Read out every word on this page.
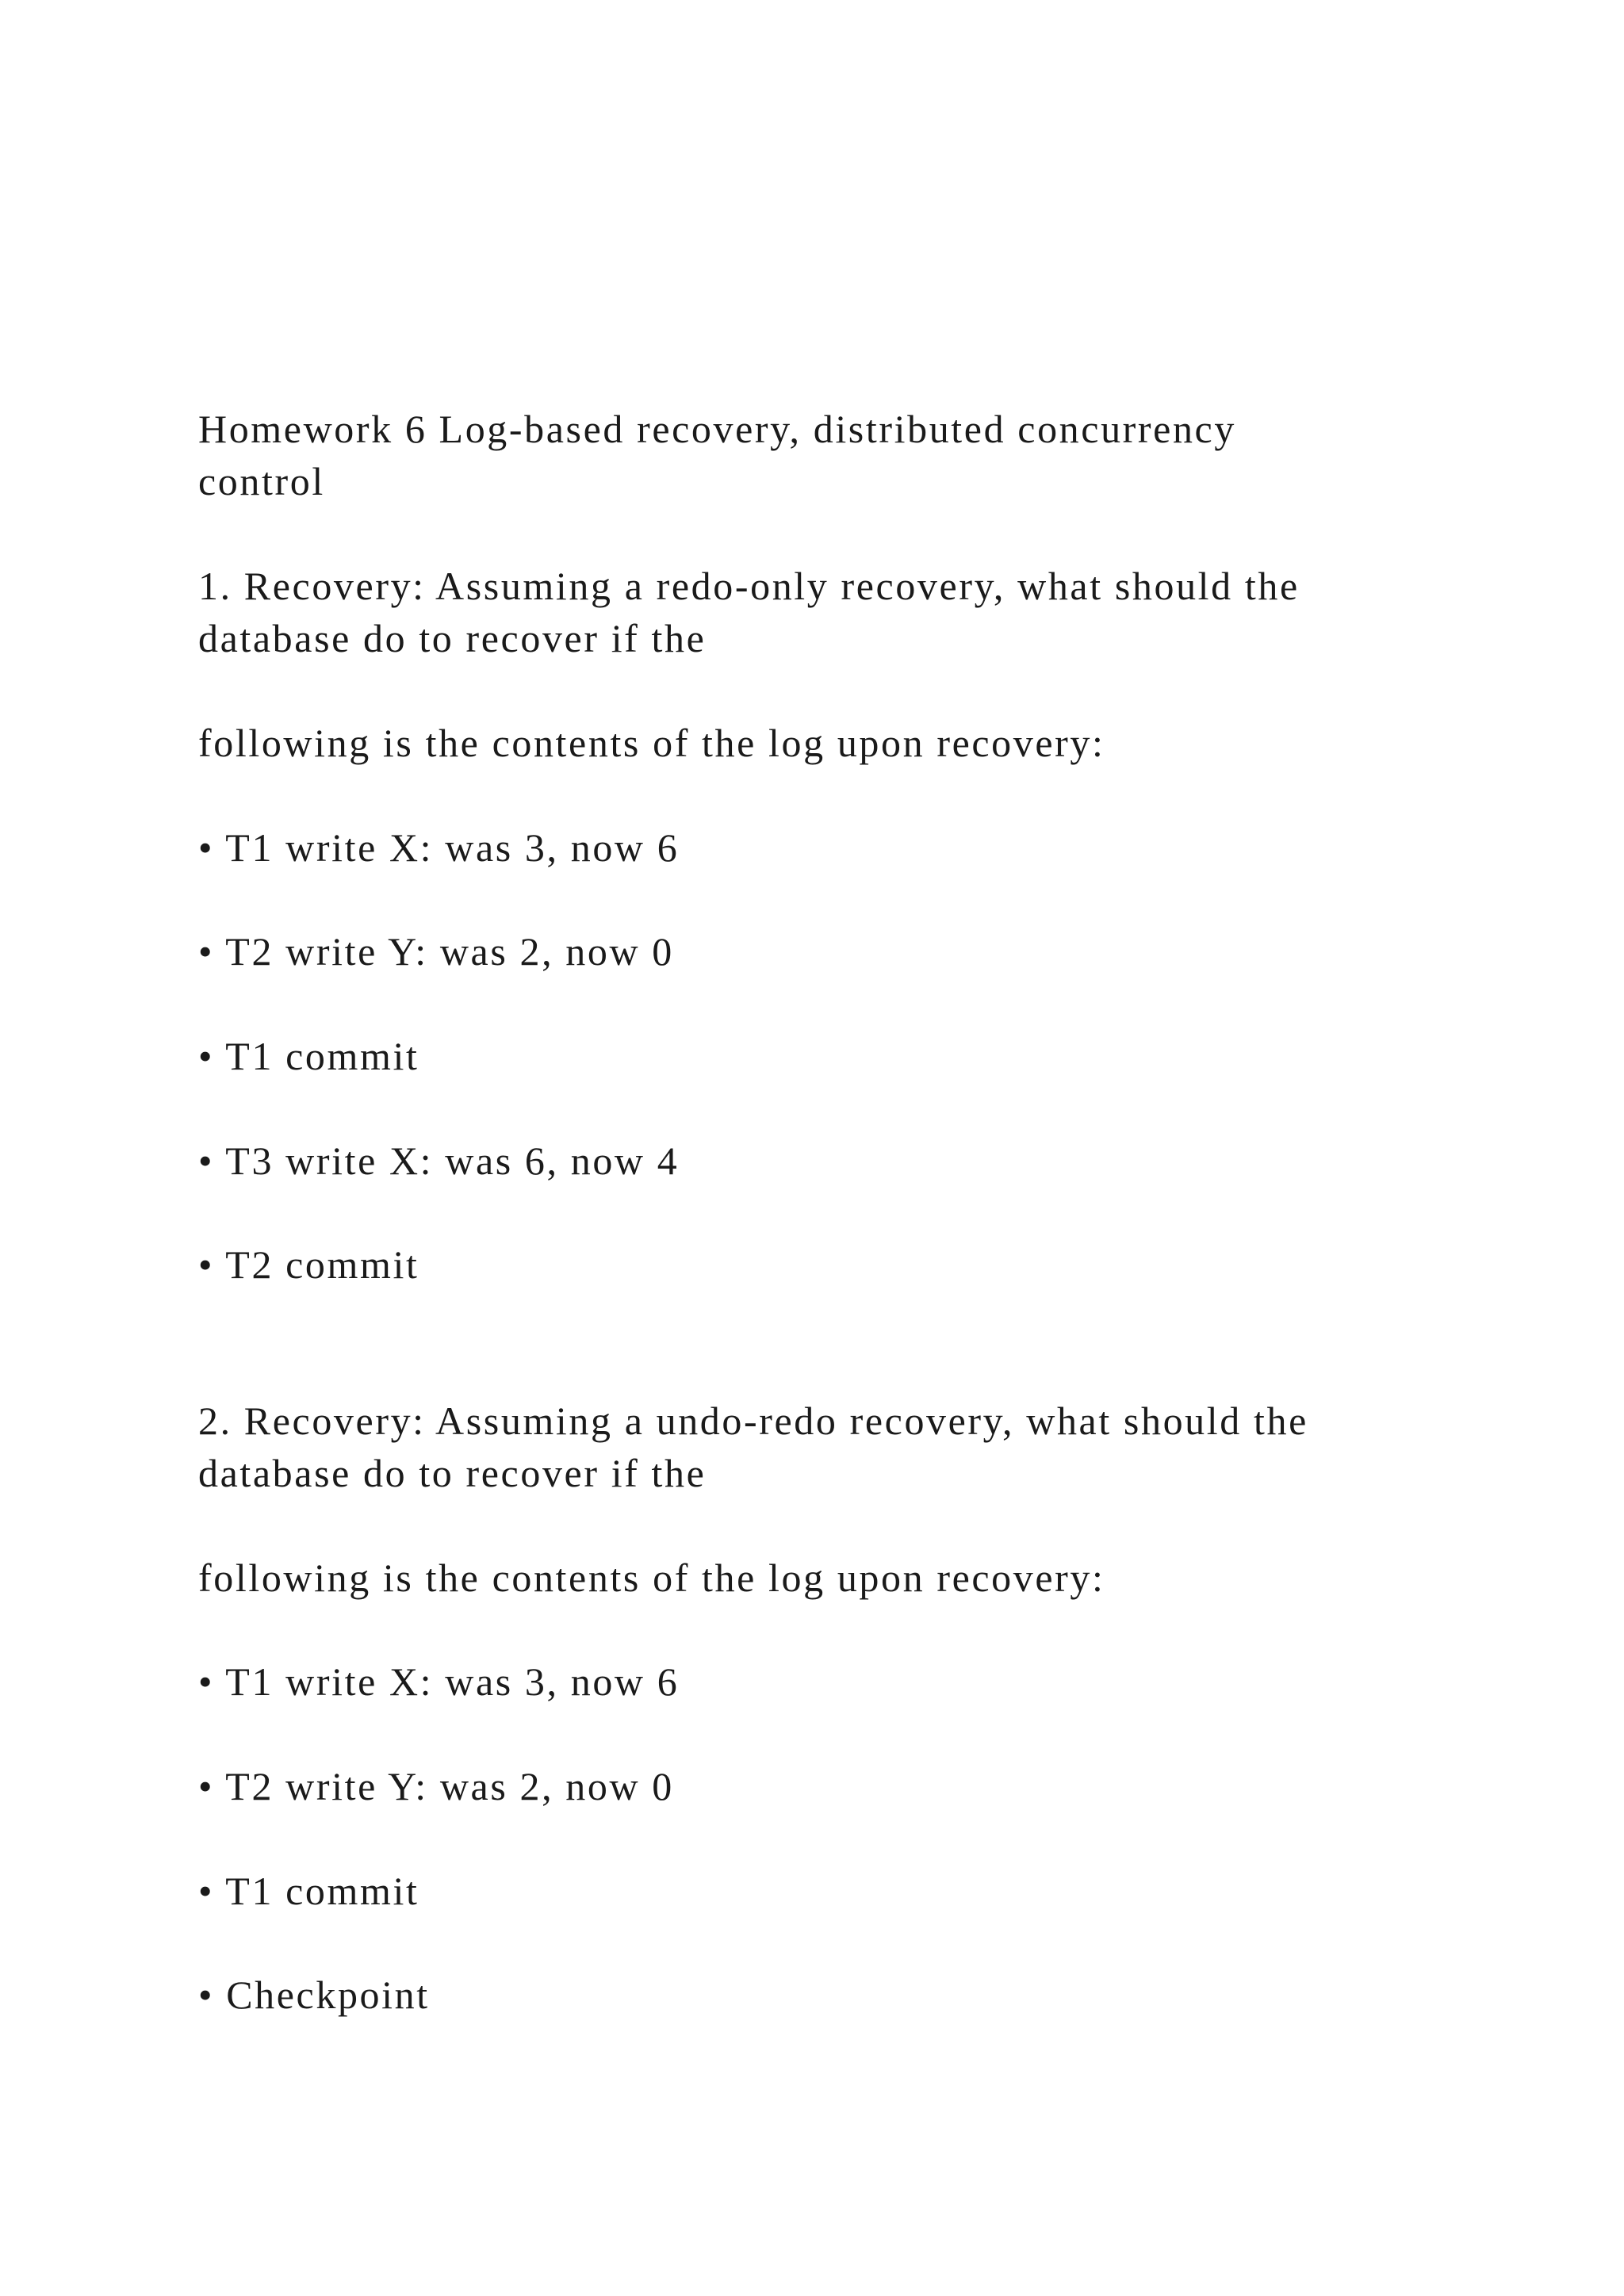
Homework 6 Log-based recovery, distributed concurrency

control

1. Recovery: Assuming a redo-only recovery, what should the

database do to recover if the

following is the contents of the log upon recovery:

• T1 write X: was 3, now 6

• T2 write Y: was 2, now 0

• T1 commit

• T3 write X: was 6, now 4

• T2 commit

2. Recovery: Assuming a undo-redo recovery, what should the

database do to recover if the

following is the contents of the log upon recovery:

• T1 write X: was 3, now 6

• T2 write Y: was 2, now 0

• T1 commit

• Checkpoint
